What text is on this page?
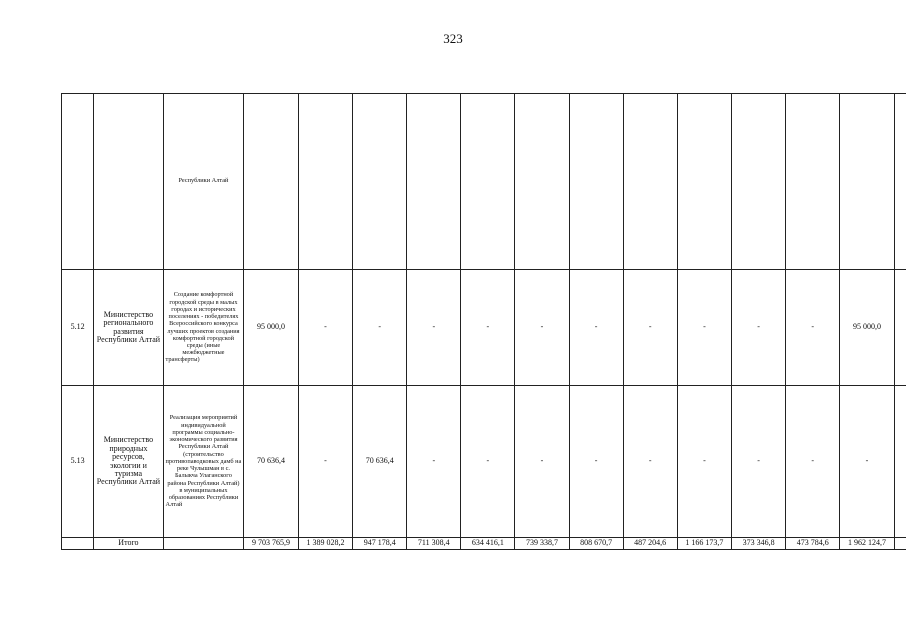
323
		Республики Алтай													
5.12	Министерство регионального развития Республики Алтай	Создание комфортной городской среды в малых городах и исторических поселениях - победителях Всероссийского конкурса лучших проектов создания комфортной городской среды (иные межбюджетные трансферты)	95 000,0	-	-	-	-	-	-	-	-	-	-	95 000,0	
5.13	Министерство природных ресурсов, экологии и туризма Республики Алтай	Реализация мероприятий индивидуальной программы социально-экономического развития Республики Алтай (строительство противопаводковых дамб на реке Чулышман в с. Балыкча Улаганского района Республики Алтай) в муниципальных образованиях Республики Алтай	70 636,4	-	70 636,4	-	-	-	-	-	-	-	-	-	
	Итого		9 703 765,9	1 389 028,2	947 178,4	711 308,4	634 416,1	739 338,7	808 670,7	487 204,6	1 166 173,7	373 346,8	473 784,6	1 962 124,7	
